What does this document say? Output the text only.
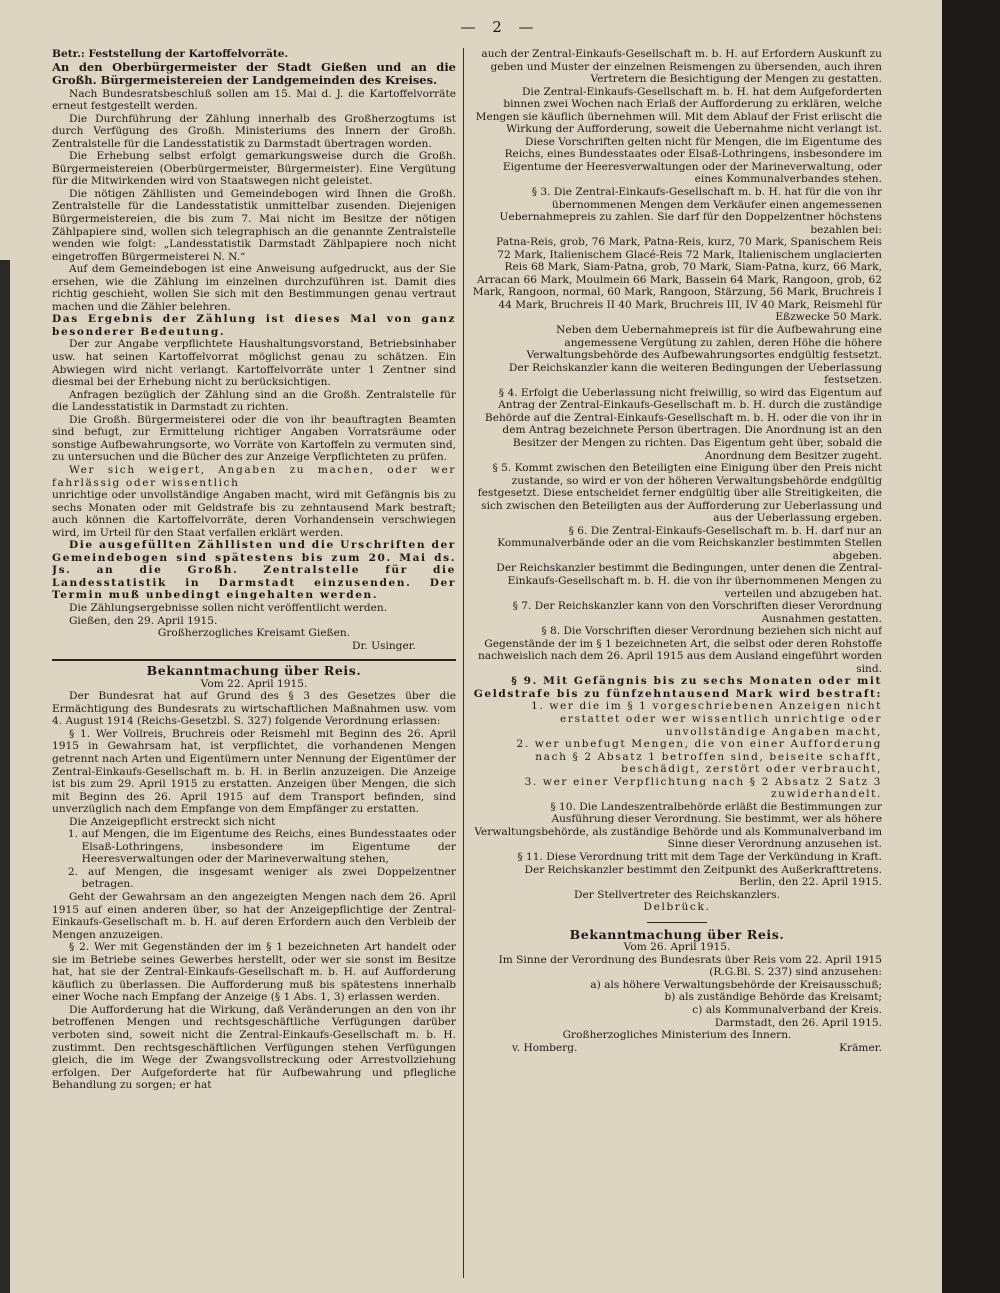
— 2 —

Betr.: Feststellung der Kartoffelvorräte.

An den Oberbürgermeister der Stadt Gießen und an die Großh. Bürgermeistereien der Landgemeinden des Kreises.

Nach Bundesratsbeschluß sollen am 15. Mai d. J. die Kartoffelvorräte erneut festgestellt werden.

Die Durchführung der Zählung innerhalb des Großherzogtums ist durch Verfügung des Großh. Ministeriums des Innern der Großh. Zentralstelle für die Landesstatistik zu Darmstadt übertragen worden.

Die Erhebung selbst erfolgt gemarkungsweise durch die Großh. Bürgermeistereien (Oberbürgermeister, Bürgermeister). Eine Vergütung für die Mitwirkenden wird von Staatswegen nicht geleistet.

Die nötigen Zähllisten und Gemeindebogen wird Ihnen die Großh. Zentralstelle für die Landesstatistik unmittelbar zusenden. Diejenigen Bürgermeistereien, die bis zum 7. Mai nicht im Besitze der nötigen Zählpapiere sind, wollen sich telegraphisch an die genannte Zentralstelle wenden wie folgt: „Landesstatistik Darmstadt Zählpapiere noch nicht eingetroffen Bürgermeisterei N. N.“

Auf dem Gemeindebogen ist eine Anweisung aufgedruckt, aus der Sie ersehen, wie die Zählung im einzelnen durchzuführen ist. Damit dies richtig geschieht, wollen Sie sich mit den Bestimmungen genau vertraut machen und die Zähler belehren.

Das Ergebnis der Zählung ist dieses Mal von ganz besonderer Bedeutung.

Der zur Angabe verpflichtete Haushaltungsvorstand, Betriebsinhaber usw. hat seinen Kartoffelvorrat möglichst genau zu schätzen. Ein Abwiegen wird nicht verlangt. Kartoffelvorräte unter 1 Zentner sind diesmal bei der Erhebung nicht zu berücksichtigen.

Anfragen bezüglich der Zählung sind an die Großh. Zentralstelle für die Landesstatistik in Darmstadt zu richten.

Die Großh. Bürgermeisterei oder die von ihr beauftragten Beamten sind befugt, zur Ermittelung richtiger Angaben Vorratsräume oder sonstige Aufbewahrungsorte, wo Vorräte von Kartoffeln zu vermuten sind, zu untersuchen und die Bücher des zur Anzeige Verpflichteten zu prüfen.

Wer sich weigert, Angaben zu machen, oder wer fahrlässig oder wissentlich

unrichtige oder unvollständige Angaben macht, wird mit Gefängnis bis zu sechs Monaten oder mit Geldstrafe bis zu zehntausend Mark bestraft; auch können die Kartoffelvorräte, deren Vorhandensein verschwiegen wird, im Urteil für den Staat verfallen erklärt werden.

Die ausgefüllten Zähllisten und die Urschriften der Gemeindebogen sind spätestens bis zum 20. Mai ds. Js. an die Großh. Zentralstelle für die Landesstatistik in Darmstadt einzusenden. Der Termin muß unbedingt eingehalten werden.

Die Zählungsergebnisse sollen nicht veröffentlicht werden.

Gießen, den 29. April 1915.

Großherzogliches Kreisamt Gießen.

Dr. Usinger.

Bekanntmachung über Reis.

Vom 22. April 1915.

Der Bundesrat hat auf Grund des § 3 des Gesetzes über die Ermächtigung des Bundesrats zu wirtschaftlichen Maßnahmen usw. vom 4. August 1914 (Reichs-Gesetzbl. S. 327) folgende Verordnung erlassen:

§ 1. Wer Vollreis, Bruchreis oder Reismehl mit Beginn des 26. April 1915 in Gewahrsam hat, ist verpflichtet, die vorhandenen Mengen getrennt nach Arten und Eigentümern unter Nennung der Eigentümer der Zentral-Einkaufs-Gesellschaft m. b. H. in Berlin anzuzeigen. Die Anzeige ist bis zum 29. April 1915 zu erstatten. Anzeigen über Mengen, die sich mit Beginn des 26. April 1915 auf dem Transport befinden, sind unverzüglich nach dem Empfange von dem Empfänger zu erstatten.

Die Anzeigepflicht erstreckt sich nicht

1. auf Mengen, die im Eigentume des Reichs, eines Bundesstaates oder Elsaß-Lothringens, insbesondere im Eigentume der Heeresverwaltungen oder der Marineverwaltung stehen,

2. auf Mengen, die insgesamt weniger als zwei Doppelzentner betragen.

Geht der Gewahrsam an den angezeigten Mengen nach dem 26. April 1915 auf einen anderen über, so hat der Anzeigepflichtige der Zentral-Einkaufs-Gesellschaft m. b. H. auf deren Erfordern auch den Verbleib der Mengen anzuzeigen.

§ 2. Wer mit Gegenständen der im § 1 bezeichneten Art handelt oder sie im Betriebe seines Gewerbes herstellt, oder wer sie sonst im Besitze hat, hat sie der Zentral-Einkaufs-Gesellschaft m. b. H. auf Aufforderung käuflich zu überlassen. Die Aufforderung muß bis spätestens innerhalb einer Woche nach Empfang der Anzeige (§ 1 Abs. 1, 3) erlassen werden.

Die Aufforderung hat die Wirkung, daß Veränderungen an den von ihr betroffenen Mengen und rechtsgeschäftliche Verfügungen darüber verboten sind, soweit nicht die Zentral-Einkaufs-Gesellschaft m. b. H. zustimmt. Den rechtsgeschäftlichen Verfügungen stehen Verfügungen gleich, die im Wege der Zwangsvollstreckung oder Arrestvollziehung erfolgen. Der Aufgeforderte hat für Aufbewahrung und pflegliche Behandlung zu sorgen; er hat

auch der Zentral-Einkaufs-Gesellschaft m. b. H. auf Erfordern Auskunft zu geben und Muster der einzelnen Reismengen zu übersenden, auch ihren Vertretern die Besichtigung der Mengen zu gestatten.

Die Zentral-Einkaufs-Gesellschaft m. b. H. hat dem Aufgeforderten binnen zwei Wochen nach Erlaß der Aufforderung zu erklären, welche Mengen sie käuflich übernehmen will. Mit dem Ablauf der Frist erlischt die Wirkung der Aufforderung, soweit die Uebernahme nicht verlangt ist.

Diese Vorschriften gelten nicht für Mengen, die im Eigentume des Reichs, eines Bundesstaates oder Elsaß-Lothringens, insbesondere im Eigentume der Heeresverwaltungen oder der Marineverwaltung, oder eines Kommunalverbandes stehen.

§ 3. Die Zentral-Einkaufs-Gesellschaft m. b. H. hat für die von ihr übernommenen Mengen dem Verkäufer einen angemessenen Uebernahmepreis zu zahlen. Sie darf für den Doppelzentner höchstens bezahlen bei:

Patna-Reis, grob, 76 Mark, Patna-Reis, kurz, 70 Mark, Spanischem Reis 72 Mark, Italienischem Glacé-Reis 72 Mark, Italienischem unglacierten Reis 68 Mark, Siam-Patna, grob, 70 Mark, Siam-Patna, kurz, 66 Mark, Arracan 66 Mark, Moulmein 66 Mark, Bassein 64 Mark, Rangoon, grob, 62 Mark, Rangoon, normal, 60 Mark, Rangoon, Stärzung, 56 Mark, Bruchreis I 44 Mark, Bruchreis II 40 Mark, Bruchreis III, IV 40 Mark, Reismehl für Eßzwecke 50 Mark.

Neben dem Uebernahmepreis ist für die Aufbewahrung eine angemessene Vergütung zu zahlen, deren Höhe die höhere Verwaltungsbehörde des Aufbewahrungsortes endgültig festsetzt.

Der Reichskanzler kann die weiteren Bedingungen der Ueberlassung festsetzen.

§ 4. Erfolgt die Ueberlassung nicht freiwillig, so wird das Eigentum auf Antrag der Zentral-Einkaufs-Gesellschaft m. b. H. durch die zuständige Behörde auf die Zentral-Einkaufs-Gesellschaft m. b. H. oder die von ihr in dem Antrag bezeichnete Person übertragen. Die Anordnung ist an den Besitzer der Mengen zu richten. Das Eigentum geht über, sobald die Anordnung dem Besitzer zugeht.

§ 5. Kommt zwischen den Beteiligten eine Einigung über den Preis nicht zustande, so wird er von der höheren Verwaltungsbehörde endgültig festgesetzt. Diese entscheidet ferner endgültig über alle Streitigkeiten, die sich zwischen den Beteiligten aus der Aufforderung zur Ueberlassung und aus der Ueberlassung ergeben.

§ 6. Die Zentral-Einkaufs-Gesellschaft m. b. H. darf nur an Kommunalverbände oder an die vom Reichskanzler bestimmten Stellen abgeben.

Der Reichskanzler bestimmt die Bedingungen, unter denen die Zentral-Einkaufs-Gesellschaft m. b. H. die von ihr übernommenen Mengen zu verteilen und abzugeben hat.

§ 7. Der Reichskanzler kann von den Vorschriften dieser Verordnung Ausnahmen gestatten.

§ 8. Die Vorschriften dieser Verordnung beziehen sich nicht auf Gegenstände der im § 1 bezeichneten Art, die selbst oder deren Rohstoffe nachweislich nach dem 26. April 1915 aus dem Ausland eingeführt worden sind.

§ 9. Mit Gefängnis bis zu sechs Monaten oder mit Geldstrafe bis zu fünfzehntausend Mark wird bestraft:

1. wer die im § 1 vorgeschriebenen Anzeigen nicht erstattet oder wer wissentlich unrichtige oder unvollständige Angaben macht,

2. wer unbefugt Mengen, die von einer Aufforderung nach § 2 Absatz 1 betroffen sind, beiseite schafft, beschädigt, zerstört oder verbraucht,

3. wer einer Verpflichtung nach § 2 Absatz 2 Satz 3 zuwiderhandelt.

§ 10. Die Landeszentralbehörde erläßt die Bestimmungen zur Ausführung dieser Verordnung. Sie bestimmt, wer als höhere Verwaltungsbehörde, als zuständige Behörde und als Kommunalverband im Sinne dieser Verordnung anzusehen ist.

§ 11. Diese Verordnung tritt mit dem Tage der Verkündung in Kraft.

Der Reichskanzler bestimmt den Zeitpunkt des Außerkrafttretens.

Berlin, den 22. April 1915.

Der Stellvertreter des Reichskanzlers.

Delbrück.

Bekanntmachung über Reis.

Vom 26. April 1915.

Im Sinne der Verordnung des Bundesrats über Reis vom 22. April 1915 (R.G.Bl. S. 237) sind anzusehen:

a) als höhere Verwaltungsbehörde der Kreisausschuß;

b) als zuständige Behörde das Kreisamt;

c) als Kommunalverband der Kreis.

Darmstadt, den 26. April 1915.

Großherzogliches Ministerium des Innern.

v. Homberg.	Krämer.
